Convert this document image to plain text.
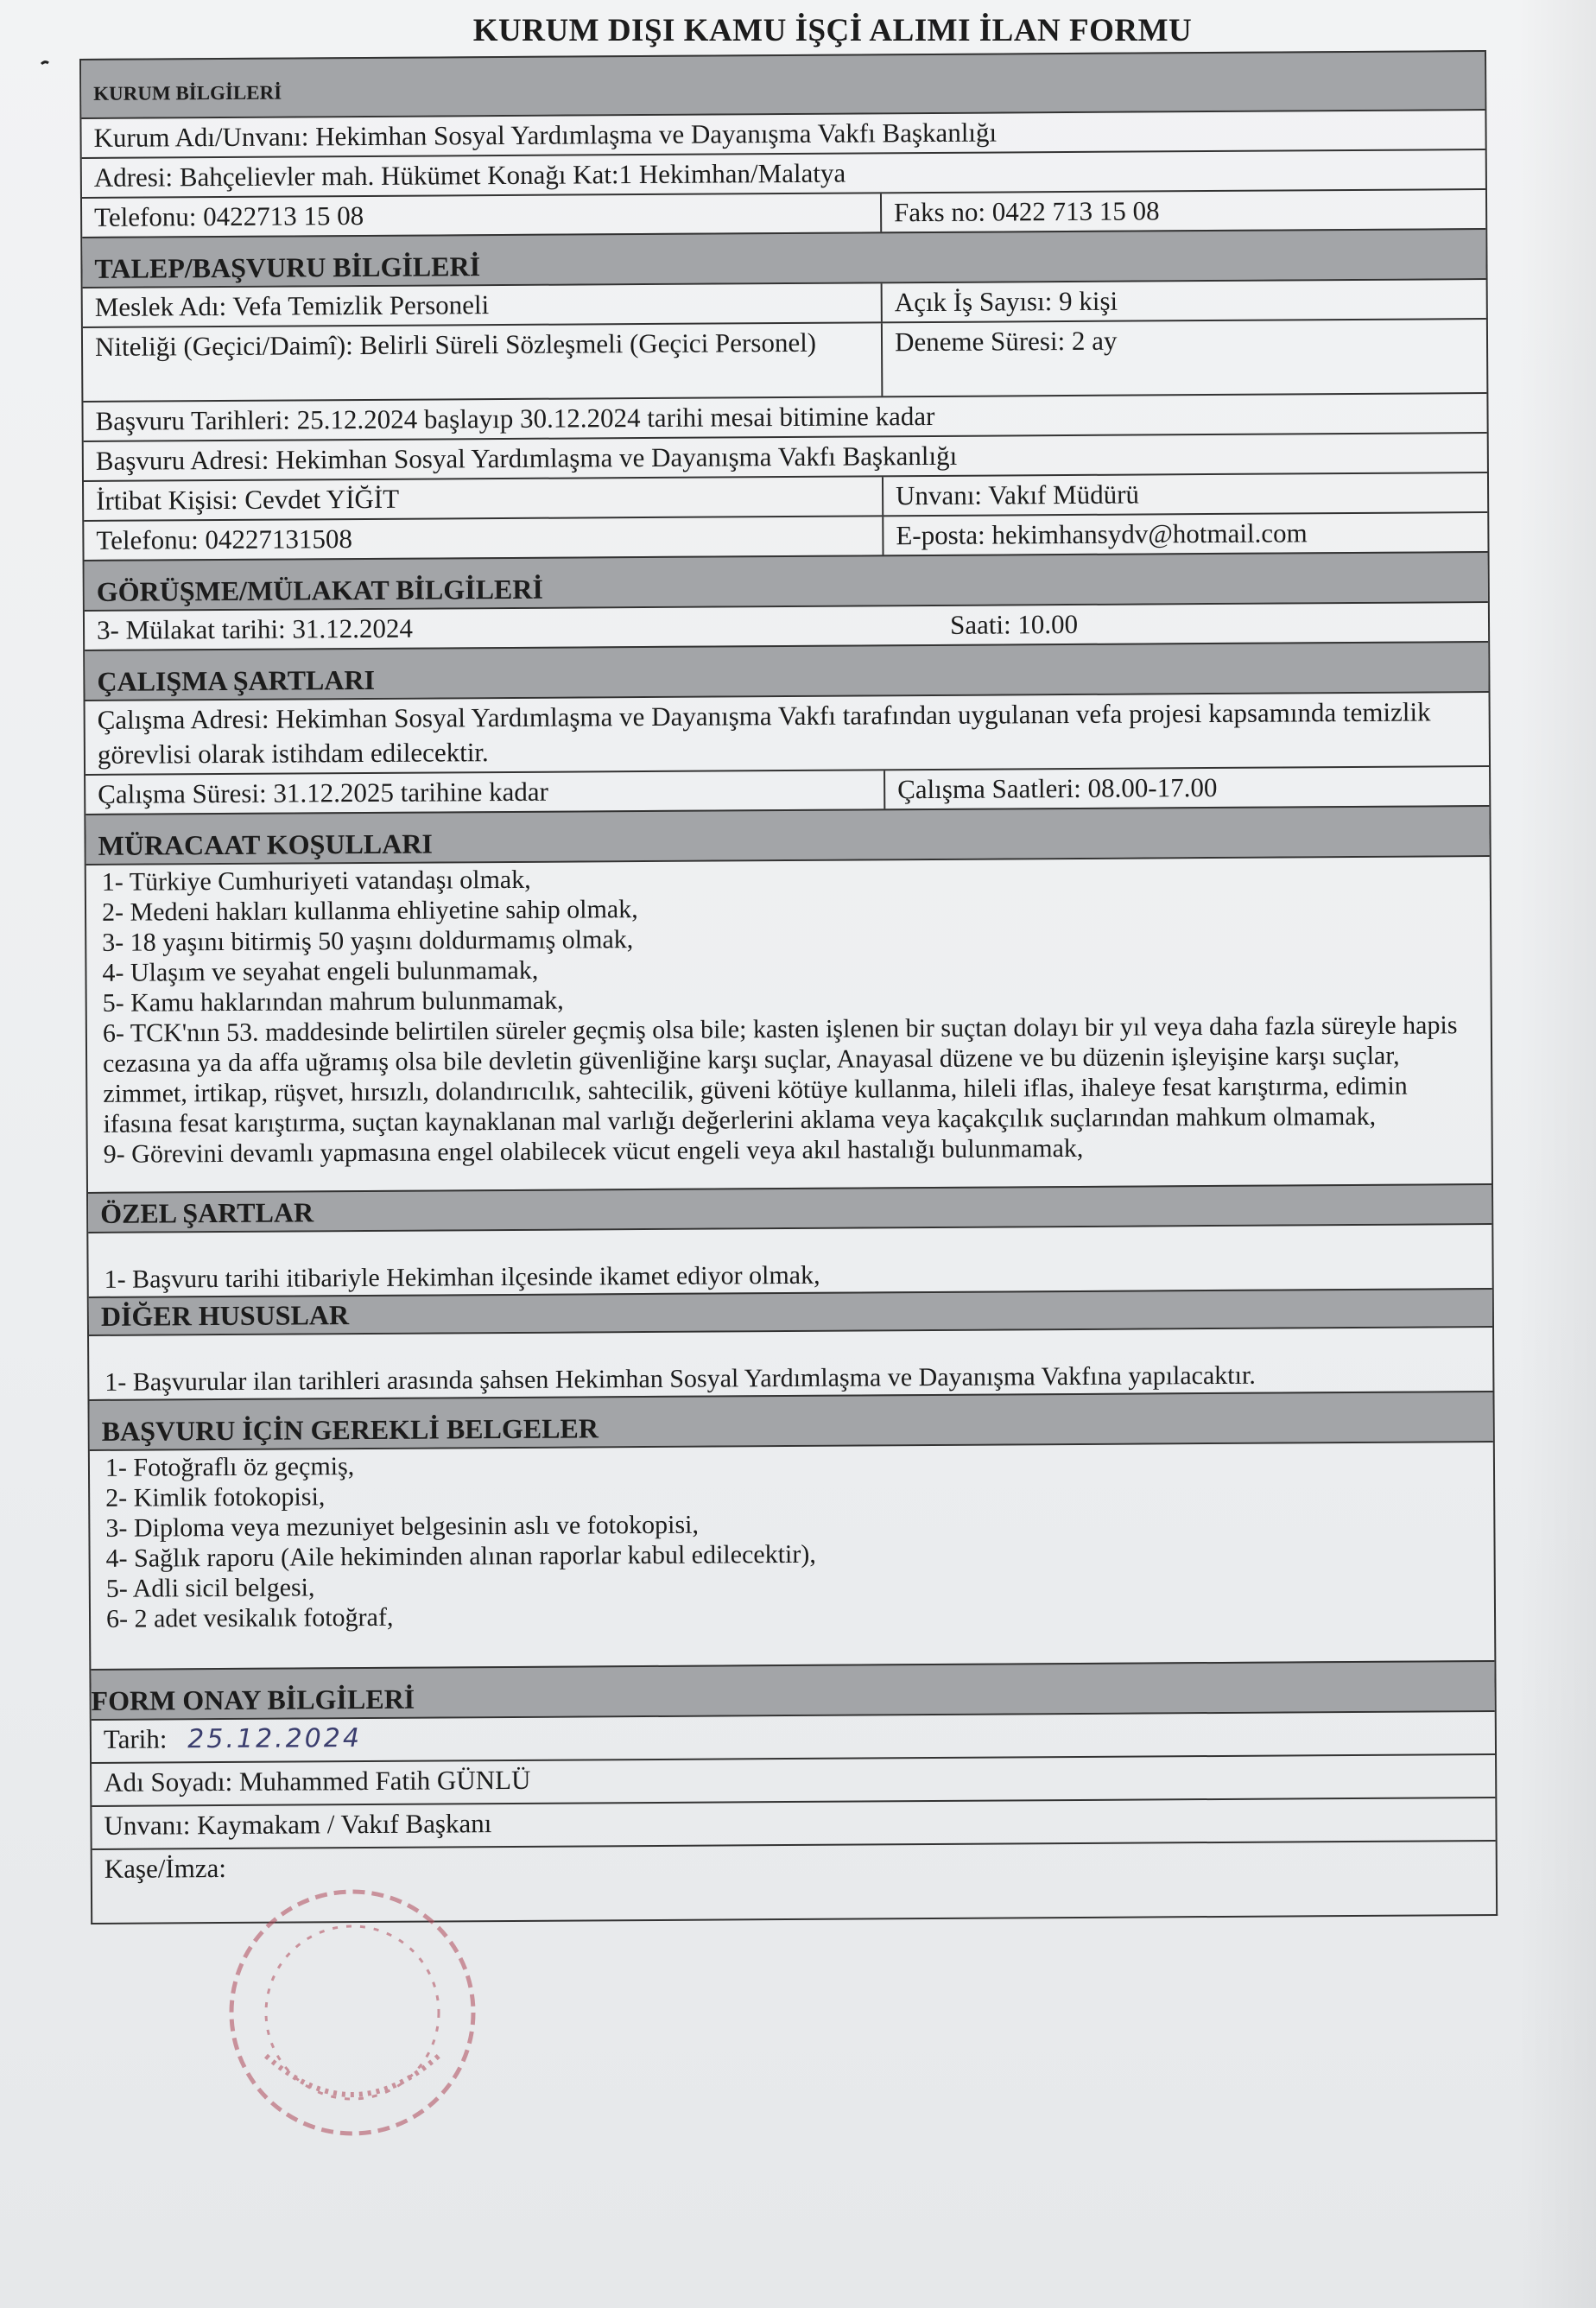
KURUM DIŞI KAMU İŞÇİ ALIMI İLAN FORMU
KURUM BİLGİLERİ
Kurum Adı/Unvanı: Hekimhan Sosyal Yardımlaşma ve Dayanışma Vakfı Başkanlığı
Adresi: Bahçelievler mah. Hükümet Konağı Kat:1 Hekimhan/Malatya
Telefonu: 0422713 15 08	Faks no: 0422 713 15 08
TALEP/BAŞVURU BİLGİLERİ
Meslek Adı: Vefa Temizlik Personeli	Açık İş Sayısı: 9 kişi
Niteliği (Geçici/Daimî): Belirli Süreli Sözleşmeli (Geçici Personel)	Deneme Süresi: 2 ay
Başvuru Tarihleri: 25.12.2024 başlayıp 30.12.2024 tarihi mesai bitimine kadar
Başvuru Adresi: Hekimhan Sosyal Yardımlaşma ve Dayanışma Vakfı Başkanlığı
İrtibat Kişisi: Cevdet YİĞİT	Unvanı: Vakıf Müdürü
Telefonu: 04227131508	E-posta: hekimhansydv@hotmail.com
GÖRÜŞME/MÜLAKAT BİLGİLERİ
3- Mülakat tarihi: 31.12.2024	Saati: 10.00
ÇALIŞMA ŞARTLARI
Çalışma Adresi: Hekimhan Sosyal Yardımlaşma ve Dayanışma Vakfı tarafından uygulanan vefa projesi kapsamında temizlik görevlisi olarak istihdam edilecektir.
Çalışma Süresi: 31.12.2025 tarihine kadar	Çalışma Saatleri: 08.00-17.00
MÜRACAAT KOŞULLARI
1- Türkiye Cumhuriyeti vatandaşı olmak,
2- Medeni hakları kullanma ehliyetine sahip olmak,
3- 18 yaşını bitirmiş 50 yaşını doldurmamış olmak,
4- Ulaşım ve seyahat engeli bulunmamak,
5- Kamu haklarından mahrum bulunmamak,
6- TCK'nın 53. maddesinde belirtilen süreler geçmiş olsa bile; kasten işlenen bir suçtan dolayı bir yıl veya daha fazla süreyle hapis cezasına ya da affa uğramış olsa bile devletin güvenliğine karşı suçlar, Anayasal düzene ve bu düzenin işleyişine karşı suçlar, zimmet, irtikap, rüşvet, hırsızlı, dolandırıcılık, sahtecilik, güveni kötüye kullanma, hileli iflas, ihaleye fesat karıştırma, edimin ifasına fesat karıştırma, suçtan kaynaklanan mal varlığı değerlerini aklama veya kaçakçılık suçlarından mahkum olmamak,
9- Görevini devamlı yapmasına engel olabilecek vücut engeli veya akıl hastalığı bulunmamak,
ÖZEL ŞARTLAR
1- Başvuru tarihi itibariyle Hekimhan ilçesinde ikamet ediyor olmak,
DİĞER HUSUSLAR
1- Başvurular ilan tarihleri arasında şahsen Hekimhan Sosyal Yardımlaşma ve Dayanışma Vakfına yapılacaktır.
BAŞVURU İÇİN GEREKLİ BELGELER
1- Fotoğraflı öz geçmiş,
2- Kimlik fotokopisi,
3- Diploma veya mezuniyet belgesinin aslı ve fotokopisi,
4- Sağlık raporu (Aile hekiminden alınan raporlar kabul edilecektir),
5- Adli sicil belgesi,
6- 2 adet vesikalık fotoğraf,
FORM ONAY BİLGİLERİ
Tarih: 25.12.2024
Adı Soyadı: Muhammed Fatih GÜNLÜ
Unvanı: Kaymakam / Vakıf Başkanı
Kaşe/İmza:
